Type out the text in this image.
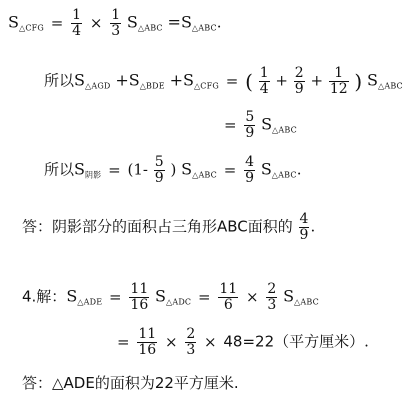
$S_{\triangle CFG} = \frac{1}{4} \times \frac{1}{3} S_{\triangle ABC} =S_{\triangle ABC}$.
所以$S_{\triangle AGD} +S_{\triangle BDE} +S_{\triangle CFG}$ = ( $\frac{1}{4} + \frac{2}{9} + \frac{1}{12}$ ) $S_{\triangle ABC}$
= $\frac{5}{9} S_{\triangle ABC}$
所以$S_{阴影} = (1- \frac{5}{9}$ ) $S_{\triangle ABC} = \frac{4}{9} S_{\triangle ABC}$.
答：阴影部分的面积占三角形ABC面积的 $\frac{4}{9}$ .
4.解：$S_{\triangle ADE} = \frac{11}{16} S_{\triangle ADC} = \frac{11}{6} \times \frac{2}{3} S_{\triangle ABC}$
= $\frac{11}{16} \times \frac{2}{3} \times 48=22$（平方厘米）.
答：△ADE的面积为22平方厘米.
